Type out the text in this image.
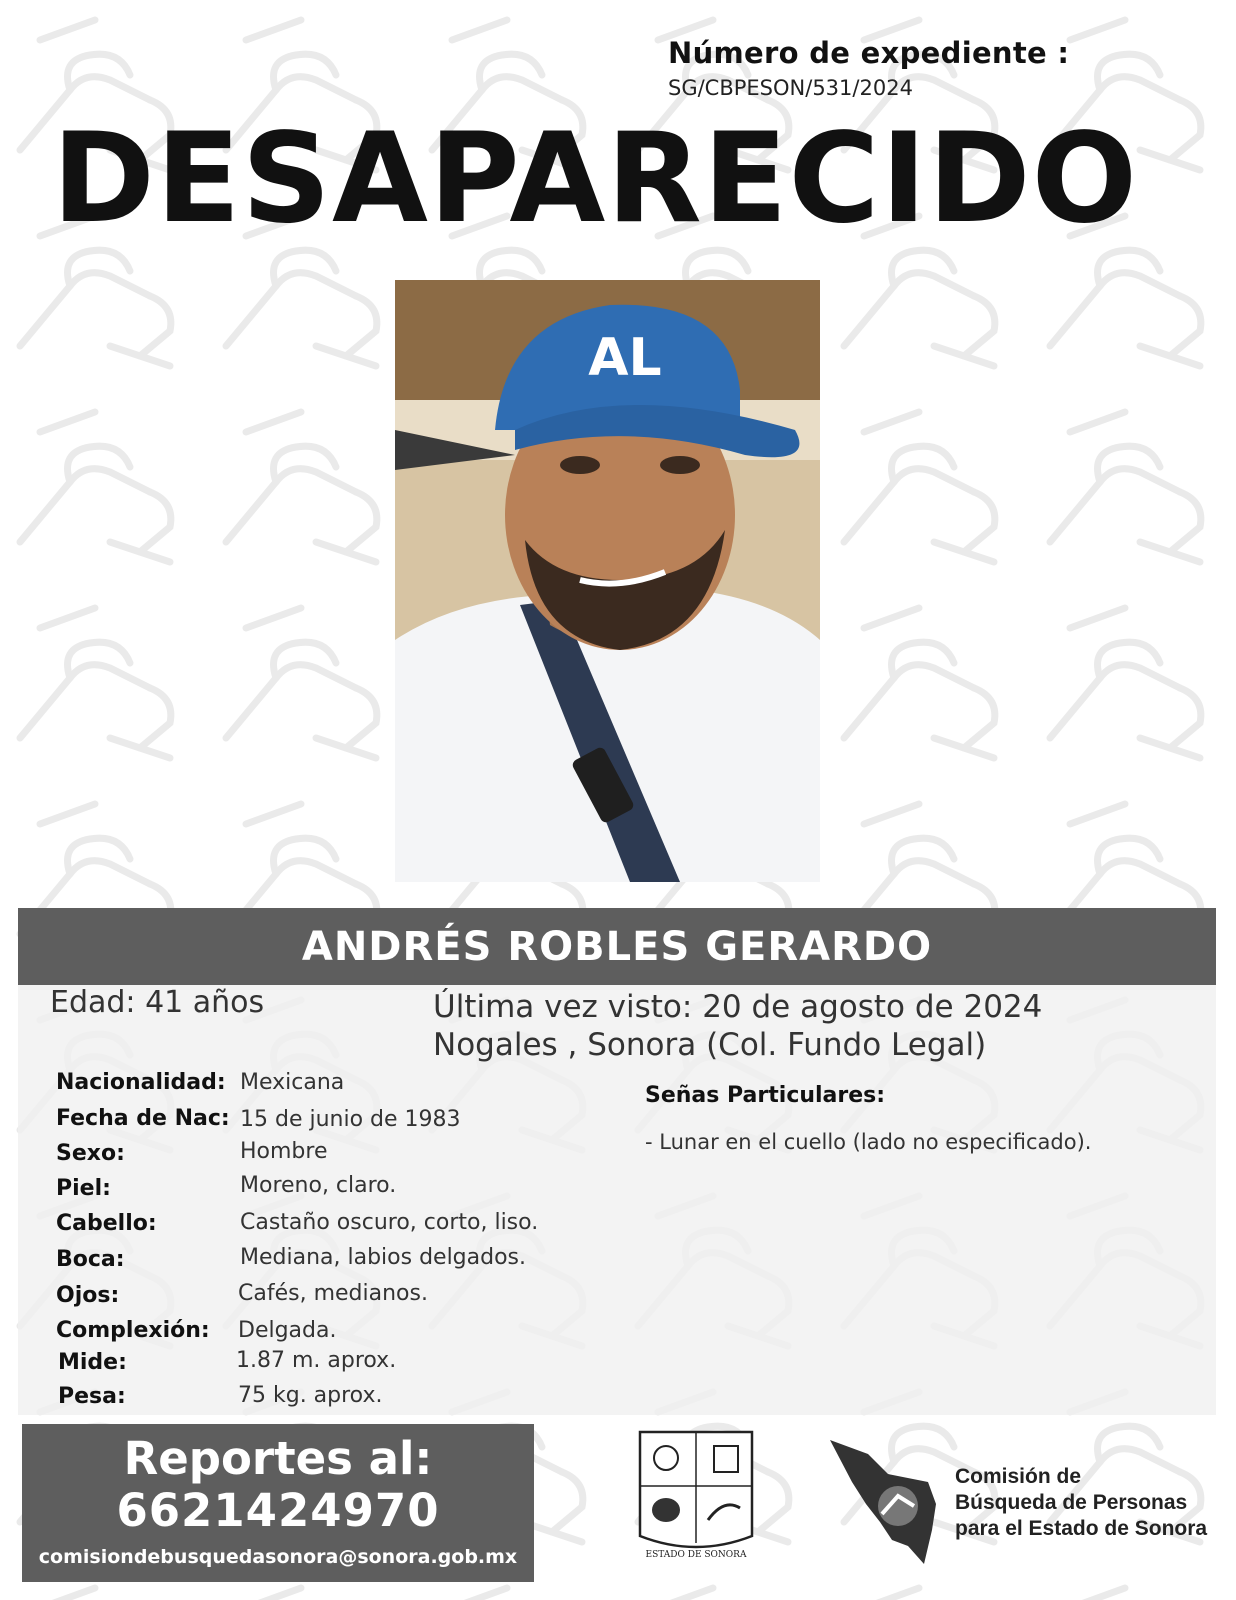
Número de expediente :
SG/CBPESON/531/2024
DESAPARECIDO
AL
ANDRÉS ROBLES GERARDO
Edad: 41 años	Última vez visto: 20 de agosto de 2024
Nogales , Sonora (Col. Fundo Legal)
Nacionalidad: Mexicana
Fecha de Nac: 15 de junio de 1983
Sexo:	Hombre
Piel:	Moreno, claro.
Cabello:	Castaño oscuro, corto, liso.
Boca:	Mediana, labios delgados.
Ojos:	Cafés, medianos.
Complexión: Delgada.
Mide:	1.87 m. aprox.
Pesa:	75 kg. aprox.
Señas Particulares:
- Lunar en el cuello (lado no especificado).
Reportes al:
6621424970
comisiondebusquedasonora@sonora.gob.mx	ESTADO DE SONORA
Comisión de
Búsqueda de Personas
para el Estado de Sonora
